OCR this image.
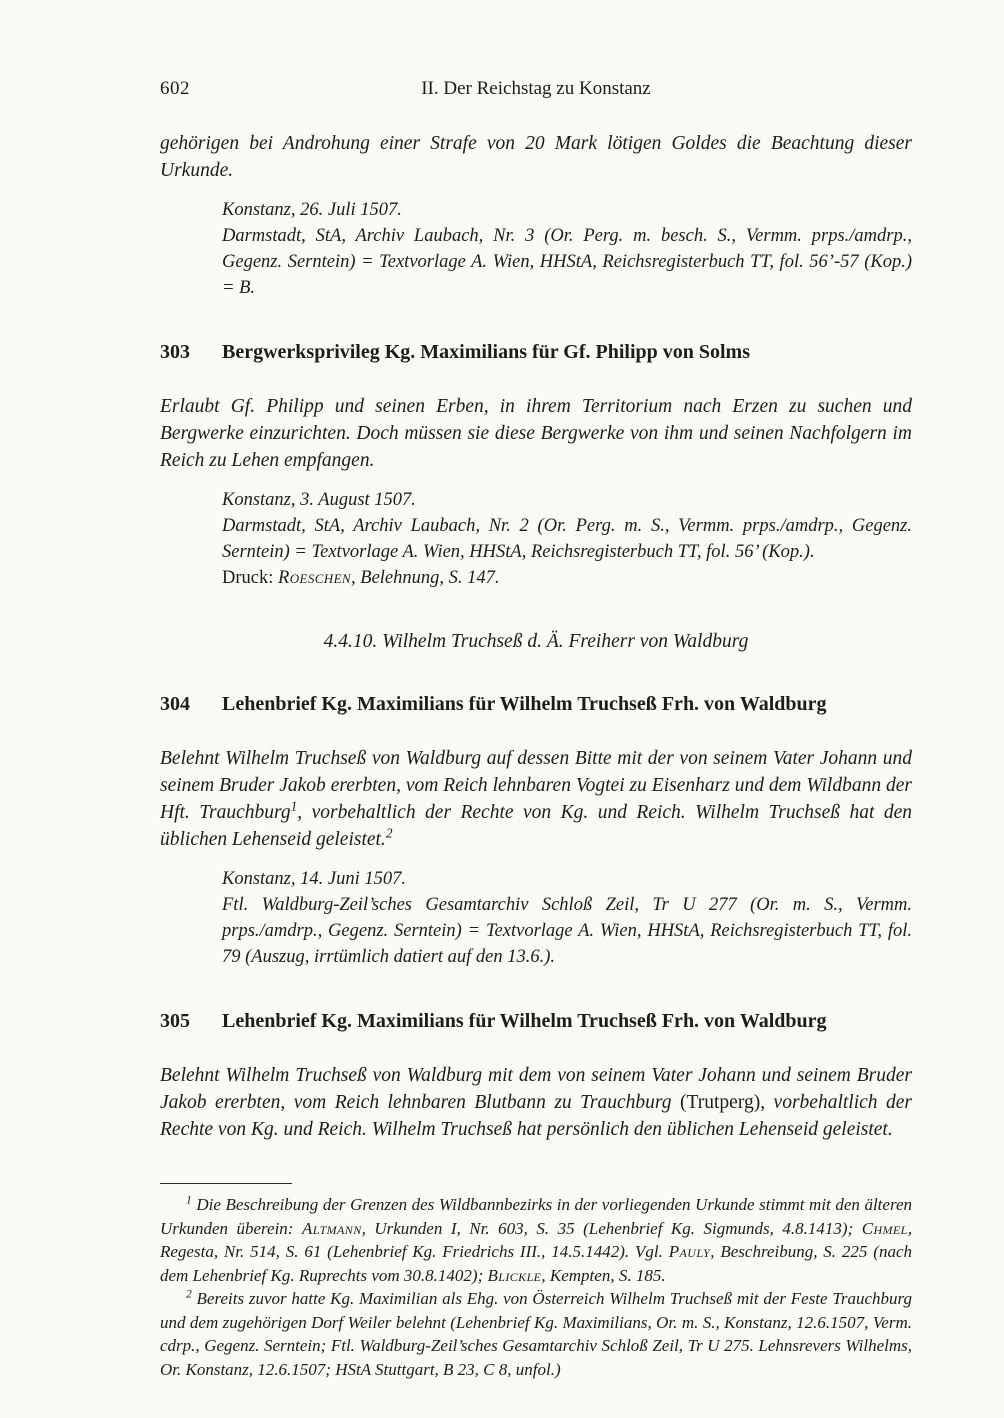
602	II. Der Reichstag zu Konstanz

gehörigen bei Androhung einer Strafe von 20 Mark lötigen Goldes die Beachtung dieser Urkunde.

Konstanz, 26. Juli 1507.
Darmstadt, StA, Archiv Laubach, Nr. 3 (Or. Perg. m. besch. S., Vermm. prps./amdrp., Gegenz. Serntein) = Textvorlage A. Wien, HHStA, Reichsregisterbuch TT, fol. 56’-57 (Kop.) = B.
303	Bergwerksprivileg Kg. Maximilians für Gf. Philipp von Solms

Erlaubt Gf. Philipp und seinen Erben, in ihrem Territorium nach Erzen zu suchen und Bergwerke einzurichten. Doch müssen sie diese Bergwerke von ihm und seinen Nachfolgern im Reich zu Lehen empfangen.

Konstanz, 3. August 1507.
Darmstadt, StA, Archiv Laubach, Nr. 2 (Or. Perg. m. S., Vermm. prps./amdrp., Gegenz. Serntein) = Textvorlage A. Wien, HHStA, Reichsregisterbuch TT, fol. 56’ (Kop.).
Druck: Roeschen, Belehnung, S. 147.
4.4.10. Wilhelm Truchseß d. Ä. Freiherr von Waldburg
304	Lehenbrief Kg. Maximilians für Wilhelm Truchseß Frh. von Waldburg

Belehnt Wilhelm Truchseß von Waldburg auf dessen Bitte mit der von seinem Vater Johann und seinem Bruder Jakob ererbten, vom Reich lehnbaren Vogtei zu Eisenharz und dem Wildbann der Hft. Trauchburg$^1$, vorbehaltlich der Rechte von Kg. und Reich. Wilhelm Truchseß hat den üblichen Lehenseid geleistet.$^2$

Konstanz, 14. Juni 1507.
Ftl. Waldburg-Zeil’sches Gesamtarchiv Schloß Zeil, Tr U 277 (Or. m. S., Vermm. prps./amdrp., Gegenz. Serntein) = Textvorlage A. Wien, HHStA, Reichsregisterbuch TT, fol. 79 (Auszug, irrtümlich datiert auf den 13.6.).
305	Lehenbrief Kg. Maximilians für Wilhelm Truchseß Frh. von Waldburg

Belehnt Wilhelm Truchseß von Waldburg mit dem von seinem Vater Johann und seinem Bruder Jakob ererbten, vom Reich lehnbaren Blutbann zu Trauchburg (Trutperg), vorbehaltlich der Rechte von Kg. und Reich. Wilhelm Truchseß hat persönlich den üblichen Lehenseid geleistet.

$^1$ Die Beschreibung der Grenzen des Wildbannbezirks in der vorliegenden Urkunde stimmt mit den älteren Urkunden überein: Altmann, Urkunden I, Nr. 603, S. 35 (Lehenbrief Kg. Sigmunds, 4.8.1413); Chmel, Regesta, Nr. 514, S. 61 (Lehenbrief Kg. Friedrichs III., 14.5.1442). Vgl. Pauly, Beschreibung, S. 225 (nach dem Lehenbrief Kg. Ruprechts vom 30.8.1402); Blickle, Kempten, S. 185.

$^2$ Bereits zuvor hatte Kg. Maximilian als Ehg. von Österreich Wilhelm Truchseß mit der Feste Trauchburg und dem zugehörigen Dorf Weiler belehnt (Lehenbrief Kg. Maximilians, Or. m. S., Konstanz, 12.6.1507, Verm. cdrp., Gegenz. Serntein; Ftl. Waldburg-Zeil’sches Gesamtarchiv Schloß Zeil, Tr U 275. Lehnsrevers Wilhelms, Or. Konstanz, 12.6.1507; HStA Stuttgart, B 23, C 8, unfol.)
